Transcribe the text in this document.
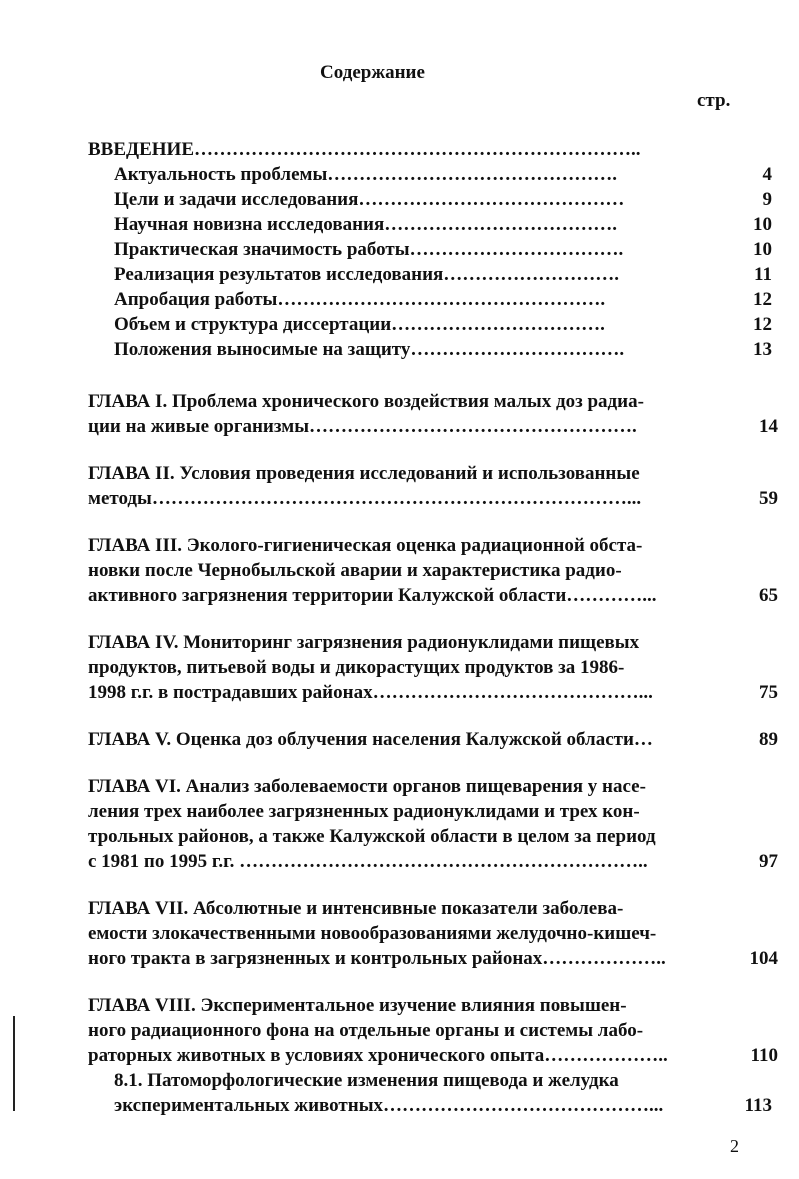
Содержание
стр.
ВВЕДЕНИЕ……………………………………………………………..
Актуальность проблемы……………………………………….	4
Цели и задачи исследования……………………………………	9
Научная новизна исследования……………………………….	10
Практическая значимость работы…………………………….	10
Реализация результатов исследования……………………….	11
Апробация работы…………………………………………….	12
Объем и структура диссертации…………………………….	12
Положения выносимые на защиту…………………………….	13
ГЛАВА I. Проблема хронического воздействия малых доз радиа-
ции на живые организмы…………………………………………….	14
ГЛАВА II. Условия проведения исследований и использованные
методы…………………………………………………………………...	59
ГЛАВА III. Эколого-гигиеническая оценка радиационной обста-
новки после Чернобыльской аварии и характеристика радио-
активного загрязнения территории Калужской области…………...	65
ГЛАВА IV. Мониторинг загрязнения радионуклидами пищевых
продуктов, питьевой воды и дикорастущих продуктов за 1986-
1998 г.г. в пострадавших районах……………………………………...	75
ГЛАВА V. Оценка доз облучения населения Калужской области…	89
ГЛАВА VI. Анализ заболеваемости органов пищеварения у насе-
ления трех наиболее загрязненных радионуклидами и трех кон-
трольных районов, а также Калужской области в целом за период
с 1981 по 1995 г.г. ………………………………………………………..	97
ГЛАВА VII. Абсолютные и интенсивные показатели заболева-
емости злокачественными новообразованиями желудочно-кишеч-
ного тракта в загрязненных и контрольных районах………………..	104
ГЛАВА VIII. Экспериментальное изучение влияния повышен-
ного радиационного фона на отдельные органы и системы лабо-
раторных животных в условиях хронического опыта………………..	110
8.1. Патоморфологические изменения пищевода и желудка
экспериментальных животных……………………………………...	113
2
